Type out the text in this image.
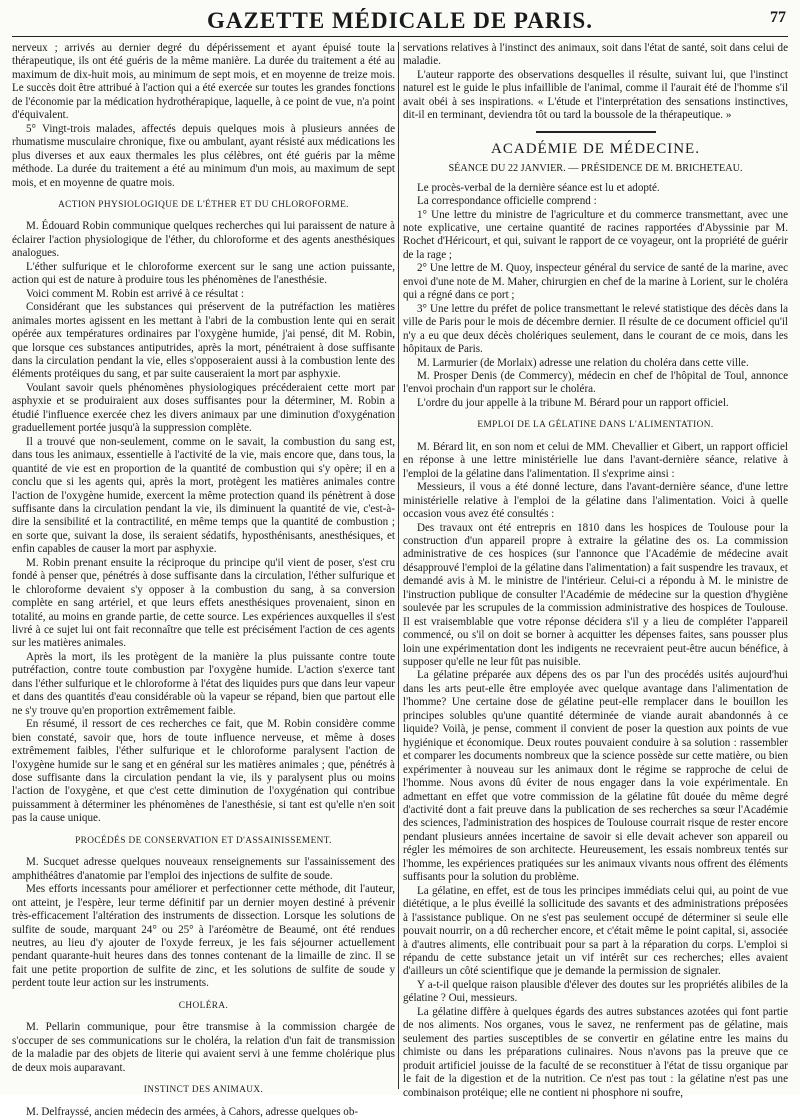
GAZETTE MÉDICALE DE PARIS.	77

nerveux ; arrivés au dernier degré du dépérissement et ayant épuisé toute la thérapeutique, ils ont été guéris de la même manière. La durée du traitement a été au maximum de dix-huit mois, au minimum de sept mois, et en moyenne de treize mois. Le succès doit être attribué à l'action qui a été exercée sur toutes les grandes fonctions de l'économie par la médication hydrothérapique, laquelle, à ce point de vue, n'a point d'équivalent.

5° Vingt-trois malades, affectés depuis quelques mois à plusieurs années de rhumatisme musculaire chronique, fixe ou ambulant, ayant résisté aux médications les plus diverses et aux eaux thermales les plus célèbres, ont été guéris par la même méthode. La durée du traitement a été au minimum d'un mois, au maximum de sept mois, et en moyenne de quatre mois.

ACTION PHYSIOLOGIQUE DE L'ÉTHER ET DU CHLOROFORME.

M. Édouard Robin communique quelques recherches qui lui paraissent de nature à éclairer l'action physiologique de l'éther, du chloroforme et des agents anesthésiques analogues.

L'éther sulfurique et le chloroforme exercent sur le sang une action puissante, action qui est de nature à produire tous les phénomènes de l'anesthésie.

Voici comment M. Robin est arrivé à ce résultat :

Considérant que les substances qui préservent de la putréfaction les matières animales mortes agissent en les mettant à l'abri de la combustion lente qui en serait opérée aux températures ordinaires par l'oxygène humide, j'ai pensé, dit M. Robin, que lorsque ces substances antiputrides, après la mort, pénétraient à dose suffisante dans la circulation pendant la vie, elles s'opposeraient aussi à la combustion lente des éléments protéiques du sang, et par suite causeraient la mort par asphyxie.

Voulant savoir quels phénomènes physiologiques précéderaient cette mort par asphyxie et se produiraient aux doses suffisantes pour la déterminer, M. Robin a étudié l'influence exercée chez les divers animaux par une diminution d'oxygénation graduellement portée jusqu'à la suppression complète.

Il a trouvé que non-seulement, comme on le savait, la combustion du sang est, dans tous les animaux, essentielle à l'activité de la vie, mais encore que, dans tous, la quantité de vie est en proportion de la quantité de combustion qui s'y opère; il en a conclu que si les agents qui, après la mort, protègent les matières animales contre l'action de l'oxygène humide, exercent la même protection quand ils pénètrent à dose suffisante dans la circulation pendant la vie, ils diminuent la quantité de vie, c'est-à-dire la sensibilité et la contractilité, en même temps que la quantité de combustion ; en sorte que, suivant la dose, ils seraient sédatifs, hyposthénisants, anesthésiques, et enfin capables de causer la mort par asphyxie.

M. Robin prenant ensuite la réciproque du principe qu'il vient de poser, s'est cru fondé à penser que, pénétrés à dose suffisante dans la circulation, l'éther sulfurique et le chloroforme devaient s'y opposer à la combustion du sang, à sa conversion complète en sang artériel, et que leurs effets anesthésiques provenaient, sinon en totalité, au moins en grande partie, de cette source. Les expériences auxquelles il s'est livré à ce sujet lui ont fait reconnaître que telle est précisément l'action de ces agents sur les matières animales.

Après la mort, ils les protègent de la manière la plus puissante contre toute putréfaction, contre toute combustion par l'oxygène humide. L'action s'exerce tant dans l'éther sulfurique et le chloroforme à l'état des liquides purs que dans leur vapeur et dans des quantités d'eau considérable où la vapeur se répand, bien que partout elle ne s'y trouve qu'en proportion extrêmement faible.

En résumé, il ressort de ces recherches ce fait, que M. Robin considère comme bien constaté, savoir que, hors de toute influence nerveuse, et même à doses extrêmement faibles, l'éther sulfurique et le chloroforme paralysent l'action de l'oxygène humide sur le sang et en général sur les matières animales ; que, pénétrés à dose suffisante dans la circulation pendant la vie, ils y paralysent plus ou moins l'action de l'oxygène, et que c'est cette diminution de l'oxygénation qui contribue puissamment à déterminer les phénomènes de l'anesthésie, si tant est qu'elle n'en soit pas la cause unique.

PROCÉDÉS DE CONSERVATION ET D'ASSAINISSEMENT.

M. Sucquet adresse quelques nouveaux renseignements sur l'assainissement des amphithéâtres d'anatomie par l'emploi des injections de sulfite de soude.

Mes efforts incessants pour améliorer et perfectionner cette méthode, dit l'auteur, ont atteint, je l'espère, leur terme définitif par un dernier moyen destiné à prévenir très-efficacement l'altération des instruments de dissection. Lorsque les solutions de sulfite de soude, marquant 24° ou 25° à l'aréomètre de Beaumé, ont été rendues neutres, au lieu d'y ajouter de l'oxyde ferreux, je les fais séjourner actuellement pendant quarante-huit heures dans des tonnes contenant de la limaille de zinc. Il se fait une petite proportion de sulfite de zinc, et les solutions de sulfite de soude y perdent toute leur action sur les instruments.

CHOLÉRA.

M. Pellarin communique, pour être transmise à la commission chargée de s'occuper de ses communications sur le choléra, la relation d'un fait de transmission de la maladie par des objets de literie qui avaient servi à une femme cholérique plus de deux mois auparavant.

INSTINCT DES ANIMAUX.

M. Delfrayssé, ancien médecin des armées, à Cahors, adresse quelques ob-

servations relatives à l'instinct des animaux, soit dans l'état de santé, soit dans celui de maladie.

L'auteur rapporte des observations desquelles il résulte, suivant lui, que l'instinct naturel est le guide le plus infaillible de l'animal, comme il l'aurait été de l'homme s'il avait obéi à ses inspirations. « L'étude et l'interprétation des sensations instinctives, dit-il en terminant, deviendra tôt ou tard la boussole de la thérapeutique. »

ACADÉMIE DE MÉDECINE.
SÉANCE DU 22 JANVIER. — PRÉSIDENCE DE M. BRICHETEAU.

Le procès-verbal de la dernière séance est lu et adopté.

La correspondance officielle comprend :

1° Une lettre du ministre de l'agriculture et du commerce transmettant, avec une note explicative, une certaine quantité de racines rapportées d'Abyssinie par M. Rochet d'Héricourt, et qui, suivant le rapport de ce voyageur, ont la propriété de guérir de la rage ;

2° Une lettre de M. Quoy, inspecteur général du service de santé de la marine, avec envoi d'une note de M. Maher, chirurgien en chef de la marine à Lorient, sur le choléra qui a régné dans ce port ;

3° Une lettre du préfet de police transmettant le relevé statistique des décès dans la ville de Paris pour le mois de décembre dernier. Il résulte de ce document officiel qu'il n'y a eu que deux décès cholériques seulement, dans le courant de ce mois, dans les hôpitaux de Paris.

M. Larmurier (de Morlaix) adresse une relation du choléra dans cette ville.

M. Prosper Denis (de Commercy), médecin en chef de l'hôpital de Toul, annonce l'envoi prochain d'un rapport sur le choléra.

L'ordre du jour appelle à la tribune M. Bérard pour un rapport officiel.

EMPLOI DE LA GÉLATINE DANS L'ALIMENTATION.

M. Bérard lit, en son nom et celui de MM. Chevallier et Gibert, un rapport officiel en réponse à une lettre ministérielle lue dans l'avant-dernière séance, relative à l'emploi de la gélatine dans l'alimentation. Il s'exprime ainsi :

Messieurs, il vous a été donné lecture, dans l'avant-dernière séance, d'une lettre ministérielle relative à l'emploi de la gélatine dans l'alimentation. Voici à quelle occasion vous avez été consultés :

Des travaux ont été entrepris en 1810 dans les hospices de Toulouse pour la construction d'un appareil propre à extraire la gélatine des os. La commission administrative de ces hospices (sur l'annonce que l'Académie de médecine avait désapprouvé l'emploi de la gélatine dans l'alimentation) a fait suspendre les travaux, et demandé avis à M. le ministre de l'intérieur. Celui-ci a répondu à M. le ministre de l'instruction publique de consulter l'Académie de médecine sur la question d'hygiène soulevée par les scrupules de la commission administrative des hospices de Toulouse. Il est vraisemblable que votre réponse décidera s'il y a lieu de compléter l'appareil commencé, ou s'il on doit se borner à acquitter les dépenses faites, sans pousser plus loin une expérimentation dont les indigents ne recevraient peut-être aucun bénéfice, à supposer qu'elle ne leur fût pas nuisible.

La gélatine préparée aux dépens des os par l'un des procédés usités aujourd'hui dans les arts peut-elle être employée avec quelque avantage dans l'alimentation de l'homme? Une certaine dose de gélatine peut-elle remplacer dans le bouillon les principes solubles qu'une quantité déterminée de viande aurait abandonnés à ce liquide? Voilà, je pense, comment il convient de poser la question aux points de vue hygiénique et économique. Deux routes pouvaient conduire à sa solution : rassembler et comparer les documents nombreux que la science possède sur cette matière, ou bien expérimenter à nouveau sur les animaux dont le régime se rapproche de celui de l'homme. Nous avons dû éviter de nous engager dans la voie expérimentale. En admettant en effet que votre commission de la gélatine fût douée du même degré d'activité dont a fait preuve dans la publication de ses recherches sa sœur l'Académie des sciences, l'administration des hospices de Toulouse courrait risque de rester encore pendant plusieurs années incertaine de savoir si elle devait achever son appareil ou régler les mémoires de son architecte. Heureusement, les essais nombreux tentés sur l'homme, les expériences pratiquées sur les animaux vivants nous offrent des éléments suffisants pour la solution du problème.

La gélatine, en effet, est de tous les principes immédiats celui qui, au point de vue diététique, a le plus éveillé la sollicitude des savants et des administrations préposées à l'assistance publique. On ne s'est pas seulement occupé de déterminer si seule elle pouvait nourrir, on a dû rechercher encore, et c'était même le point capital, si, associée à d'autres aliments, elle contribuait pour sa part à la réparation du corps. L'emploi si répandu de cette substance jetait un vif intérêt sur ces recherches; elles avaient d'ailleurs un côté scientifique que je demande la permission de signaler.

Y a-t-il quelque raison plausible d'élever des doutes sur les propriétés alibiles de la gélatine ? Oui, messieurs.

La gélatine diffère à quelques égards des autres substances azotées qui font partie de nos aliments. Nos organes, vous le savez, ne renferment pas de gélatine, mais seulement des parties susceptibles de se convertir en gélatine entre les mains du chimiste ou dans les préparations culinaires. Nous n'avons pas la preuve que ce produit artificiel jouisse de la faculté de se reconstituer à l'état de tissu organique par le fait de la digestion et de la nutrition. Ce n'est pas tout : la gélatine n'est pas une combinaison protéique; elle ne contient ni phosphore ni soufre,
